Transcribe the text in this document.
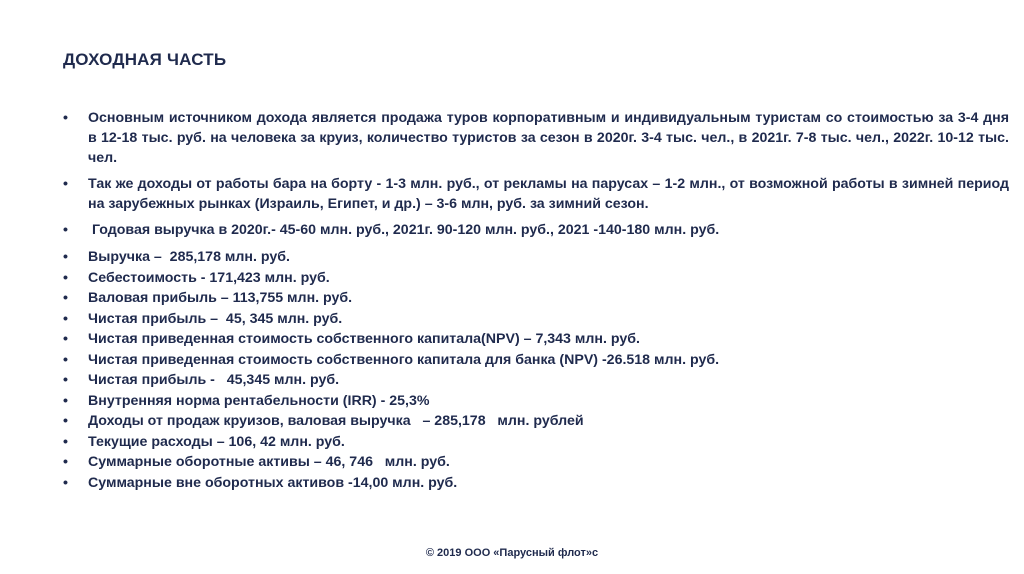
ДОХОДНАЯ ЧАСТЬ
•	Основным источником дохода является продажа туров корпоративным и индивидуальным туристам со стоимостью за 3-4 дня в 12-18 тыс. руб. на человека за круиз, количество туристов за сезон в 2020г. 3-4 тыс. чел., в 2021г. 7-8 тыс. чел., 2022г. 10-12 тыс. чел.
•	Так же доходы от работы бара на борту - 1-3 млн. руб., от рекламы на парусах – 1-2 млн., от возможной работы в зимней период на зарубежных рынках (Израиль, Египет, и др.) – 3-6 млн, руб. за зимний сезон.
•	Годовая выручка в 2020г.- 45-60 млн. руб., 2021г. 90-120 млн. руб., 2021 -140-180 млн. руб.
•	Выручка –  285,178 млн. руб.
•	Себестоимость - 171,423 млн. руб.
•	Валовая прибыль – 113,755 млн. руб.
•	Чистая прибыль –  45, 345 млн. руб.
•	Чистая приведенная стоимость собственного капитала(NPV) – 7,343 млн. руб.
•	Чистая приведенная стоимость собственного капитала для банка (NPV) -26.518 млн. руб.
•	Чистая прибыль -   45,345 млн. руб.
•	Внутренняя норма рентабельности (IRR) - 25,3%
•	Доходы от продаж круизов, валовая выручка   – 285,178   млн. рублей
•	Текущие расходы – 106, 42 млн. руб.
•	Суммарные оборотные активы – 46, 746   млн. руб.
•	Суммарные вне оборотных активов -14,00 млн. руб.
© 2019 ООО «Парусный флот»с
